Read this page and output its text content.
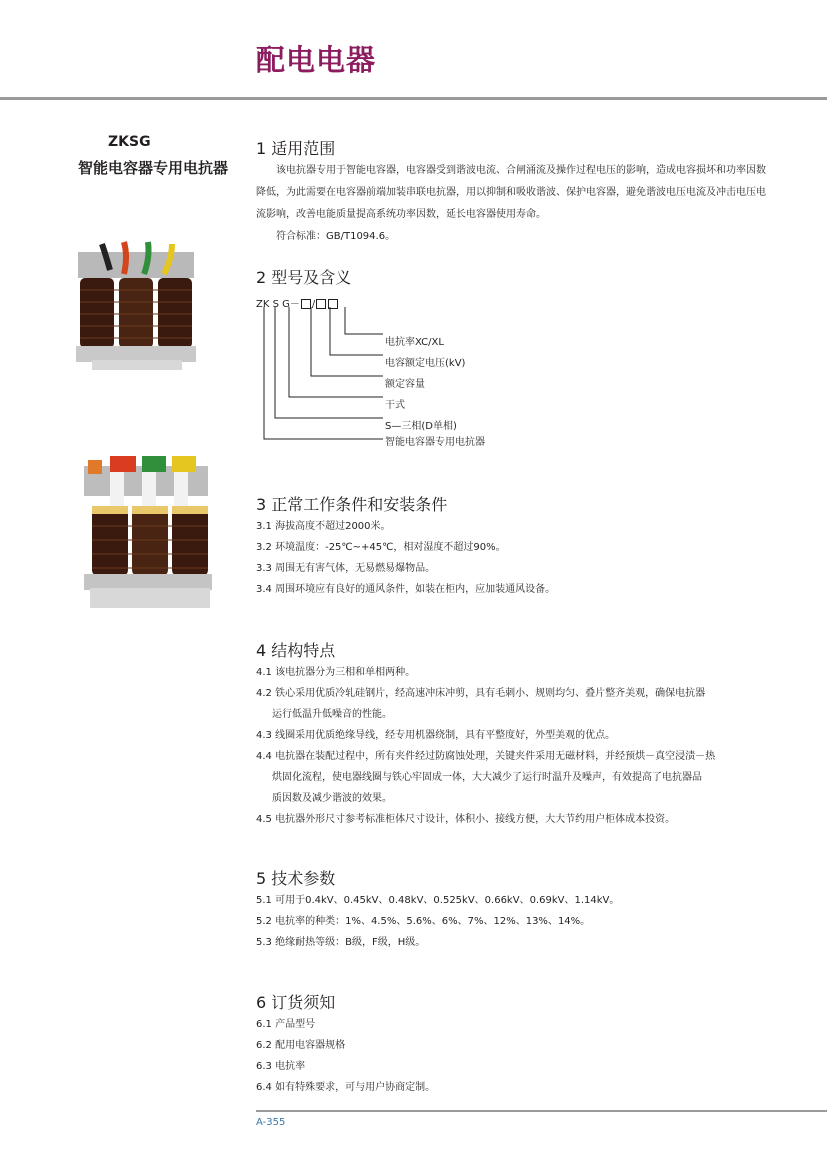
配电电器
ZKSG
智能电容器专用电抗器
1 适用范围

该电抗器专用于智能电容器，电容器受到谐波电流、合闸涌流及操作过程电压的影响，造成电容损坏和功率因数降低，为此需要在电容器前端加装串联电抗器，用以抑制和吸收谐波、保护电容器，避免谐波电压电流及冲击电压电流影响，改善电能质量提高系统功率因数，延长电容器使用寿命。

符合标准：GB/T1094.6。

2 型号及含义
ZK S G－ /
电抗率XC/XL
电容额定电压(kV)
额定容量
干式
S—三相(D单相)
智能电容器专用电抗器
3 正常工作条件和安装条件

3.1 海拔高度不超过2000米。

3.2 环境温度：-25℃~+45℃，相对湿度不超过90%。

3.3 周围无有害气体，无易燃易爆物品。

3.4 周围环境应有良好的通风条件，如装在柜内，应加装通风设备。

4 结构特点

4.1 该电抗器分为三相和单相两种。

4.2 铁心采用优质冷轧硅钢片，经高速冲床冲剪，具有毛刺小、规则均匀、叠片整齐美观，确保电抗器

运行低温升低噪音的性能。

4.3 线圈采用优质绝缘导线，经专用机器绕制，具有平整度好，外型美观的优点。

4.4 电抗器在装配过程中，所有夹件经过防腐蚀处理，关键夹件采用无磁材料，并经预烘－真空浸渍－热

烘固化流程，使电器线圈与铁心牢固成一体，大大减少了运行时温升及噪声，有效提高了电抗器品

质因数及减少谐波的效果。

4.5 电抗器外形尺寸参考标准柜体尺寸设计，体积小、接线方便，大大节约用户柜体成本投资。

5 技术参数

5.1 可用于0.4kV、0.45kV、0.48kV、0.525kV、0.66kV、0.69kV、1.14kV。

5.2 电抗率的种类：1%、4.5%、5.6%、6%、7%、12%、13%、14%。

5.3 绝缘耐热等级：B级，F级，H级。

6 订货须知

6.1 产品型号

6.2 配用电容器规格

6.3 电抗率

6.4 如有特殊要求，可与用户协商定制。

A-355
